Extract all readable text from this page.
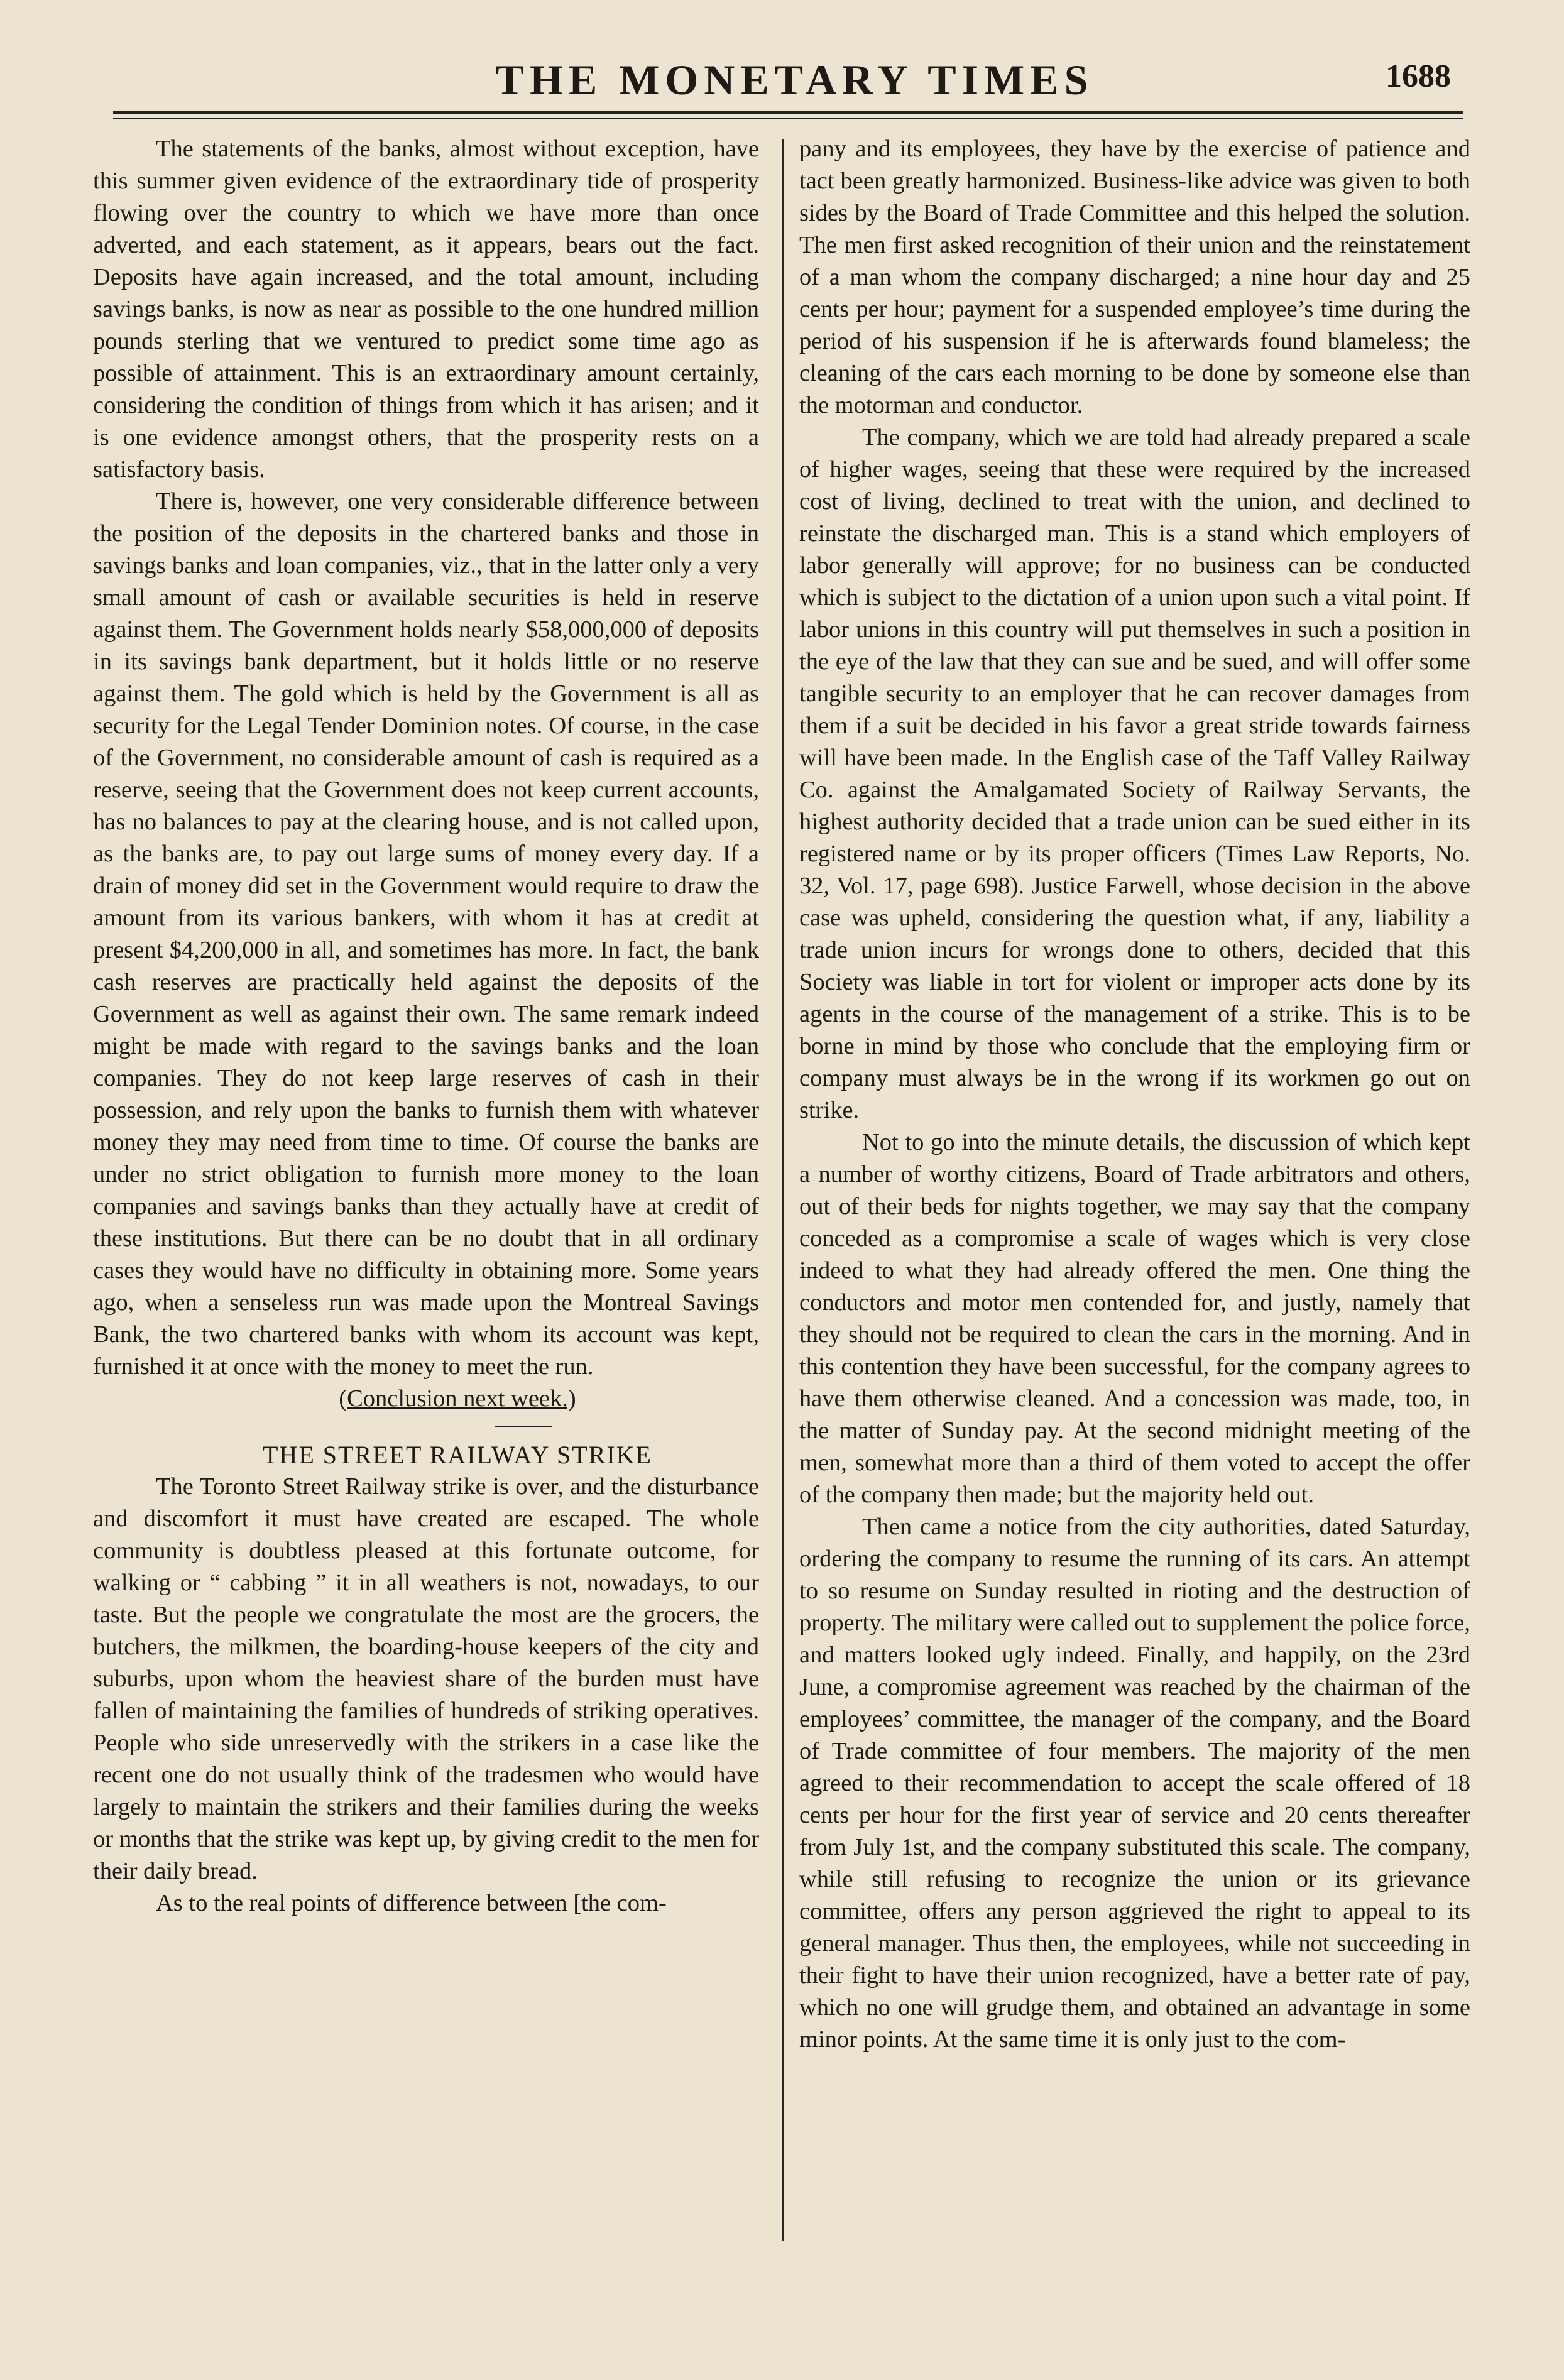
THE MONETARY TIMES	1688

The statements of the banks, almost without exception, have this summer given evidence of the extraordinary tide of prosperity flowing over the country to which we have more than once adverted, and each statement, as it appears, bears out the fact. Deposits have again increased, and the total amount, including savings banks, is now as near as possible to the one hundred million pounds sterling that we ventured to predict some time ago as possible of attainment. This is an extraordinary amount certainly, considering the condition of things from which it has arisen; and it is one evidence amongst others, that the prosperity rests on a satisfactory basis.

There is, however, one very considerable difference between the position of the deposits in the chartered banks and those in savings banks and loan companies, viz., that in the latter only a very small amount of cash or available securities is held in reserve against them. The Government holds nearly $58,000,000 of deposits in its savings bank department, but it holds little or no reserve against them. The gold which is held by the Government is all as security for the Legal Tender Dominion notes. Of course, in the case of the Government, no considerable amount of cash is required as a reserve, seeing that the Government does not keep current accounts, has no balances to pay at the clearing house, and is not called upon, as the banks are, to pay out large sums of money every day. If a drain of money did set in the Government would require to draw the amount from its various bankers, with whom it has at credit at present $4,200,000 in all, and sometimes has more. In fact, the bank cash reserves are practically held against the deposits of the Government as well as against their own. The same remark indeed might be made with regard to the savings banks and the loan companies. They do not keep large reserves of cash in their possession, and rely upon the banks to furnish them with whatever money they may need from time to time. Of course the banks are under no strict obligation to furnish more money to the loan companies and savings banks than they actually have at credit of these institutions. But there can be no doubt that in all ordinary cases they would have no difficulty in obtaining more. Some years ago, when a senseless run was made upon the Montreal Savings Bank, the two chartered banks with whom its account was kept, furnished it at once with the money to meet the run.

(Conclusion next week.)

THE STREET RAILWAY STRIKE

The Toronto Street Railway strike is over, and the disturbance and discomfort it must have created are escaped. The whole community is doubtless pleased at this fortunate outcome, for walking or “ cabbing ” it in all weathers is not, nowadays, to our taste. But the people we congratulate the most are the grocers, the butchers, the milkmen, the boarding-house keepers of the city and suburbs, upon whom the heaviest share of the burden must have fallen of maintaining the families of hundreds of striking operatives. People who side unreservedly with the strikers in a case like the recent one do not usually think of the tradesmen who would have largely to maintain the strikers and their families during the weeks or months that the strike was kept up, by giving credit to the men for their daily bread.

As to the real points of difference between [the com-

pany and its employees, they have by the exercise of patience and tact been greatly harmonized. Business-like advice was given to both sides by the Board of Trade Committee and this helped the solution. The men first asked recognition of their union and the reinstatement of a man whom the company discharged; a nine hour day and 25 cents per hour; payment for a suspended employee’s time during the period of his suspension if he is afterwards found blameless; the cleaning of the cars each morning to be done by someone else than the motorman and conductor.

The company, which we are told had already prepared a scale of higher wages, seeing that these were required by the increased cost of living, declined to treat with the union, and declined to reinstate the discharged man. This is a stand which employers of labor generally will approve; for no business can be conducted which is subject to the dictation of a union upon such a vital point. If labor unions in this country will put themselves in such a position in the eye of the law that they can sue and be sued, and will offer some tangible security to an employer that he can recover damages from them if a suit be decided in his favor a great stride towards fairness will have been made. In the English case of the Taff Valley Railway Co. against the Amalgamated Society of Railway Servants, the highest authority decided that a trade union can be sued either in its registered name or by its proper officers (Times Law Reports, No. 32, Vol. 17, page 698). Justice Farwell, whose decision in the above case was upheld, considering the question what, if any, liability a trade union incurs for wrongs done to others, decided that this Society was liable in tort for violent or improper acts done by its agents in the course of the management of a strike. This is to be borne in mind by those who conclude that the employing firm or company must always be in the wrong if its workmen go out on strike.

Not to go into the minute details, the discussion of which kept a number of worthy citizens, Board of Trade arbitrators and others, out of their beds for nights together, we may say that the company conceded as a compromise a scale of wages which is very close indeed to what they had already offered the men. One thing the conductors and motor men contended for, and justly, namely that they should not be required to clean the cars in the morning. And in this contention they have been successful, for the company agrees to have them otherwise cleaned. And a concession was made, too, in the matter of Sunday pay. At the second midnight meeting of the men, somewhat more than a third of them voted to accept the offer of the company then made; but the majority held out.

Then came a notice from the city authorities, dated Saturday, ordering the company to resume the running of its cars. An attempt to so resume on Sunday resulted in rioting and the destruction of property. The military were called out to supplement the police force, and matters looked ugly indeed. Finally, and happily, on the 23rd June, a compromise agreement was reached by the chairman of the employees’ committee, the manager of the company, and the Board of Trade committee of four members. The majority of the men agreed to their recommendation to accept the scale offered of 18 cents per hour for the first year of service and 20 cents thereafter from July 1st, and the company substituted this scale. The company, while still refusing to recognize the union or its grievance committee, offers any person aggrieved the right to appeal to its general manager. Thus then, the employees, while not succeeding in their fight to have their union recognized, have a better rate of pay, which no one will grudge them, and obtained an advantage in some minor points. At the same time it is only just to the com-
